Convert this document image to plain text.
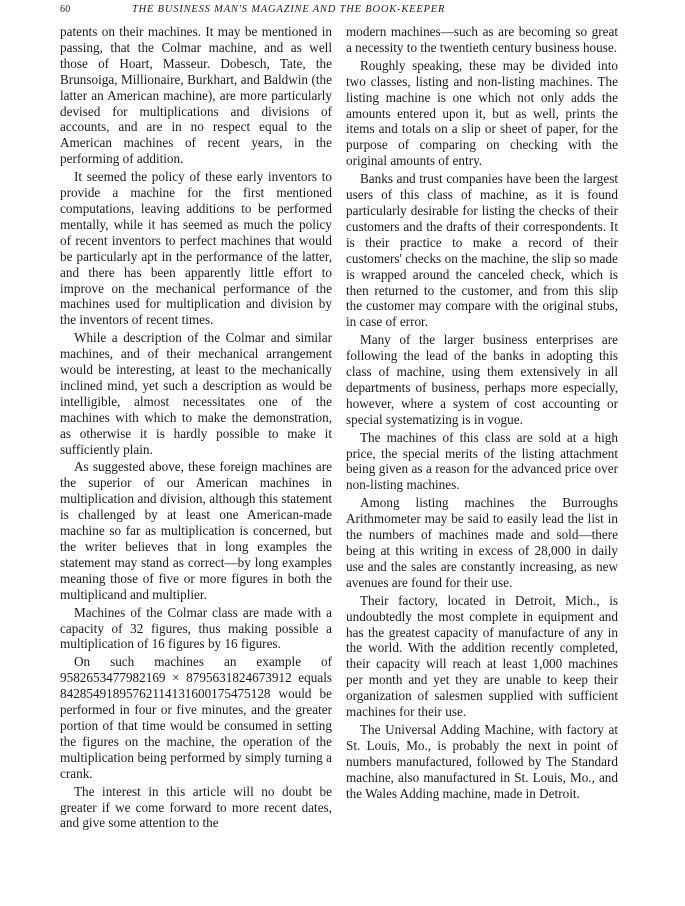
60	THE BUSINESS MAN'S MAGAZINE AND THE BOOK-KEEPER

patents on their machines. It may be mentioned in passing, that the Colmar machine, and as well those of Hoart, Masseur. Dobesch, Tate, the Brunsoiga, Millionaire, Burkhart, and Baldwin (the latter an American machine), are more particularly devised for multiplications and divisions of accounts, and are in no respect equal to the American machines of recent years, in the performing of addition.

It seemed the policy of these early inventors to provide a machine for the first mentioned computations, leaving additions to be performed mentally, while it has seemed as much the policy of recent inventors to perfect machines that would be particularly apt in the performance of the latter, and there has been apparently little effort to improve on the mechanical performance of the machines used for multiplication and division by the inventors of recent times.

While a description of the Colmar and similar machines, and of their mechanical arrangement would be interesting, at least to the mechanically inclined mind, yet such a description as would be intelligible, almost necessitates one of the machines with which to make the demonstration, as otherwise it is hardly possible to make it sufficiently plain.

As suggested above, these foreign machines are the superior of our American machines in multiplication and division, although this statement is challenged by at least one American-made machine so far as multiplication is concerned, but the writer believes that in long examples the statement may stand as correct—by long examples meaning those of five or more figures in both the multiplicand and multiplier.

Machines of the Colmar class are made with a capacity of 32 figures, thus making possible a multiplication of 16 figures by 16 figures.

On such machines an example of 9582653477982169 × 8795631824673912 equals 84285491895762114131600175475128 would be performed in four or five minutes, and the greater portion of that time would be consumed in setting the figures on the machine, the operation of the multiplication being performed by simply turning a crank.

The interest in this article will no doubt be greater if we come forward to more recent dates, and give some attention to the

modern machines—such as are becoming so great a necessity to the twentieth century business house.

Roughly speaking, these may be divided into two classes, listing and non-listing machines. The listing machine is one which not only adds the amounts entered upon it, but as well, prints the items and totals on a slip or sheet of paper, for the purpose of comparing on checking with the original amounts of entry.

Banks and trust companies have been the largest users of this class of machine, as it is found particularly desirable for listing the checks of their customers and the drafts of their correspondents. It is their practice to make a record of their customers' checks on the machine, the slip so made is wrapped around the canceled check, which is then returned to the customer, and from this slip the customer may compare with the original stubs, in case of error.

Many of the larger business enterprises are following the lead of the banks in adopting this class of machine, using them extensively in all departments of business, perhaps more especially, however, where a system of cost accounting or special systematizing is in vogue.

The machines of this class are sold at a high price, the special merits of the listing attachment being given as a reason for the advanced price over non-listing machines.

Among listing machines the Burroughs Arithmometer may be said to easily lead the list in the numbers of machines made and sold—there being at this writing in excess of 28,000 in daily use and the sales are constantly increasing, as new avenues are found for their use.

Their factory, located in Detroit, Mich., is undoubtedly the most complete in equipment and has the greatest capacity of manufacture of any in the world. With the addition recently completed, their capacity will reach at least 1,000 machines per month and yet they are unable to keep their organization of salesmen supplied with sufficient machines for their use.

The Universal Adding Machine, with factory at St. Louis, Mo., is probably the next in point of numbers manufactured, followed by The Standard machine, also manufactured in St. Louis, Mo., and the Wales Adding machine, made in Detroit.
